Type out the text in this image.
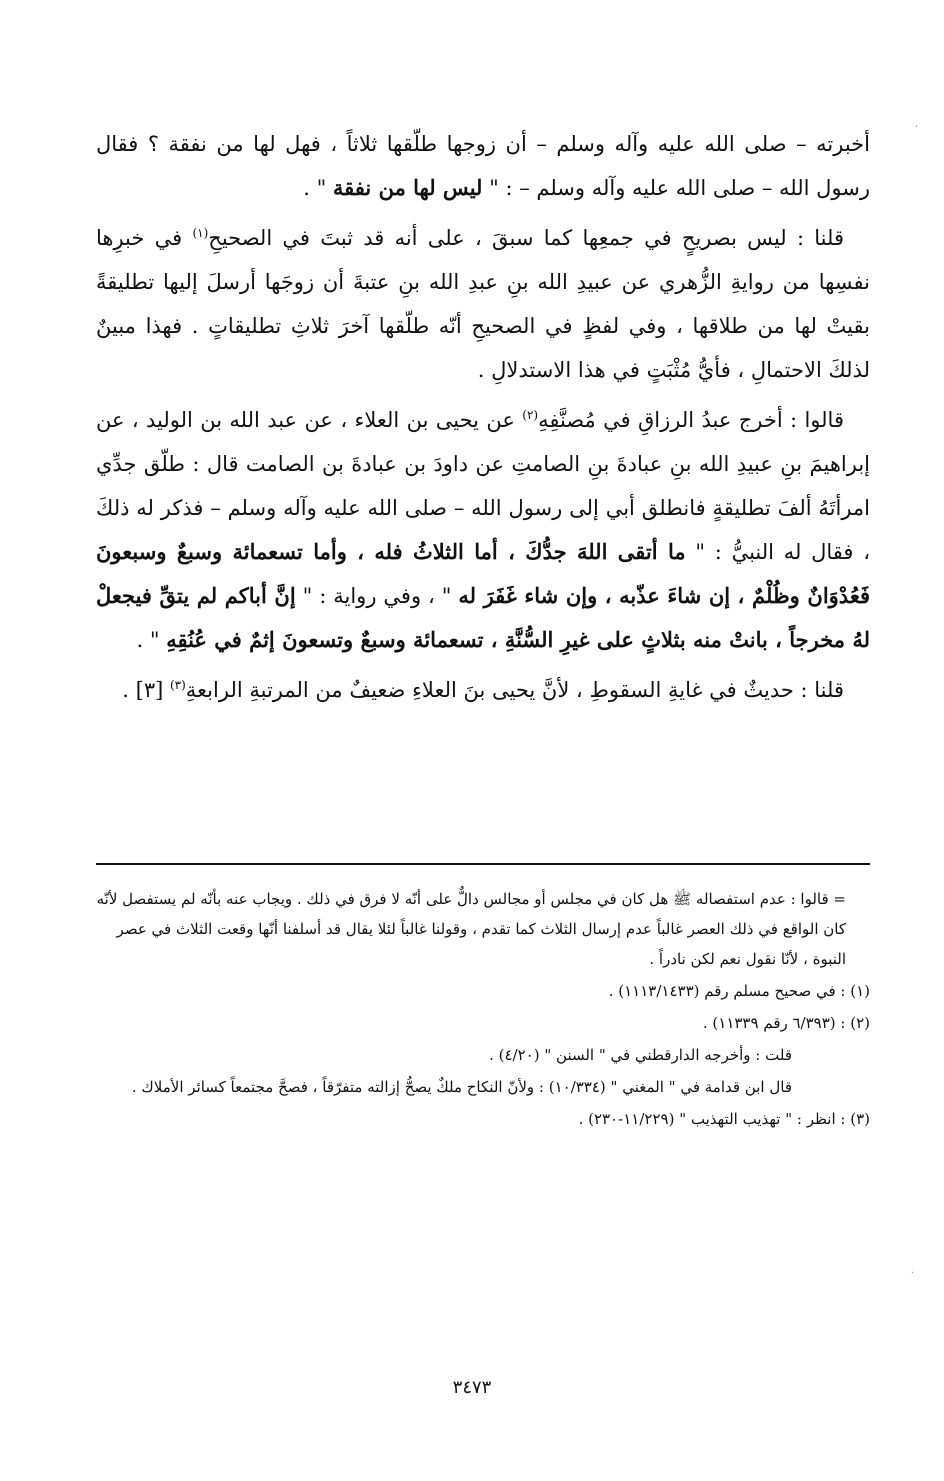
·

أخبرته – صلى الله عليه وآله وسلم – أن زوجها طلّقها ثلاثاً ، فهل لها من نفقة ؟ فقال رسول الله – صلى الله عليه وآله وسلم – : " ليس لها من نفقة " .

قلنا : ليس بصريحٍ في جمعِها كما سبقَ ، على أنه قد ثبتَ في الصحيحِ$^{(١)}$ في خبرِها نفسِها من روايةِ الزُّهري عن عبيدِ الله بنِ عبدِ الله بنِ عتبةَ أن زوجَها أرسلَ إليها تطليقةً بقيتْ لها من طلاقها ، وفي لفظٍ في الصحيحِ أنّه طلّقها آخرَ ثلاثِ تطليقاتٍ . فهذا مبينٌ لذلكَ الاحتمالِ ، فأيُّ مُثْبَتٍ في هذا الاستدلالِ .

قالوا : أخرج عبدُ الرزاقِ في مُصنَّفِهِ$^{(٢)}$ عن يحيى بن العلاء ، عن عبد الله بن الوليد ، عن إبراهيمَ بنِ عبيدِ الله بنِ عبادةَ بنِ الصامتِ عن داودَ بن عبادةَ بن الصامت قال : طلّق جدِّي امرأتَهُ ألفَ تطليقةٍ فانطلق أبي إلى رسول الله – صلى الله عليه وآله وسلم – فذكر له ذلكَ ، فقال له النبيُّ : " ما أتقى اللهَ جدُّكَ ، أما الثلاثُ فله ، وأما تسعمائة وسبعٌ وسبعونَ فَعُدْوَانٌ وظُلْمٌ ، إن شاءَ عذّبه ، وإن شاء غَفَرَ له " ، وفي رواية : " إنَّ أباكم لم يتقِّ فيجعلْ لهُ مخرجاً ، بانتْ منه بثلاثٍ على غيرِ السُّنَّةِ ، تسعمائة وسبعٌ وتسعونَ إثمٌ في عُنُقِهِ " .

قلنا : حديثٌ في غايةِ السقوطِ ، لأنَّ يحيى بنَ العلاءِ ضعيفٌ من المرتبةِ الرابعةِ$^{(٣)}$ [٣] .

= قالوا : عدم استفصاله ﷺ هل كان في مجلس أو مجالس دالٌّ على أنّه لا فرق في ذلك . ويجاب عنه بأنّه لم يستفصل لأنّه كان الواقع في ذلك العصر غالباً عدم إرسال الثلاث كما تقدم ، وقولنا غالباً لئلا يقال قد أسلفنا أنّها وقعت الثلاث في عصر النبوة ، لأنّا نقول نعم لكن نادراً .

(١) : في صحيح مسلم رقم (١١١٣/١٤٣٣) .

(٢) : (٦/٣٩٣ رقم ١١٣٣٩) .

قلت : وأخرجه الدارقطني في " السنن " (٤/٢٠) .

قال ابن قدامة في " المغني " (١٠/٣٣٤) : ولأنّ النكاح ملكٌ يصحُّ إزالته متفرّقاً ، فصحَّ مجتمعاً كسائر الأملاك .

(٣) : انظر : " تهذيب التهذيب " (١١/٢٢٩-٢٣٠) .

·
٣٤٧٣
